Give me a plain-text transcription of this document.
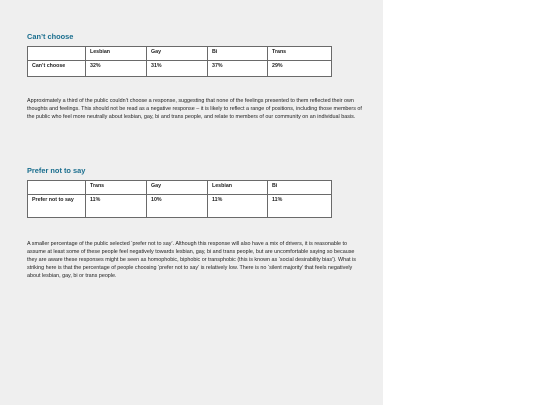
Can’t choose
	Lesbian	Gay	Bi	Trans
Can’t choose	32%	31%	37%	29%

Approximately a third of the public couldn’t choose a response, suggesting that none of the feelings presented to them reflected their own thoughts and feelings. This should not be read as a negative response – it is likely to reflect a range of positions, including those members of the public who feel more neutrally about lesbian, gay, bi and trans people, and relate to members of our community on an individual basis.

Prefer not to say
	Trans	Gay	Lesbian	Bi
Prefer not to say	11%	10%	11%	11%

A smaller percentage of the public selected ‘prefer not to say’. Although this response will also have a mix of drivers, it is reasonable to assume at least some of these people feel negatively towards lesbian, gay, bi and trans people, but are uncomfortable saying so because they are aware these responses might be seen as homophobic, biphobic or transphobic (this is known as ‘social desirability bias’). What is striking here is that the percentage of people choosing ‘prefer not to say’ is relatively low. There is no ‘silent majority’ that feels negatively about lesbian, gay, bi or trans people.
